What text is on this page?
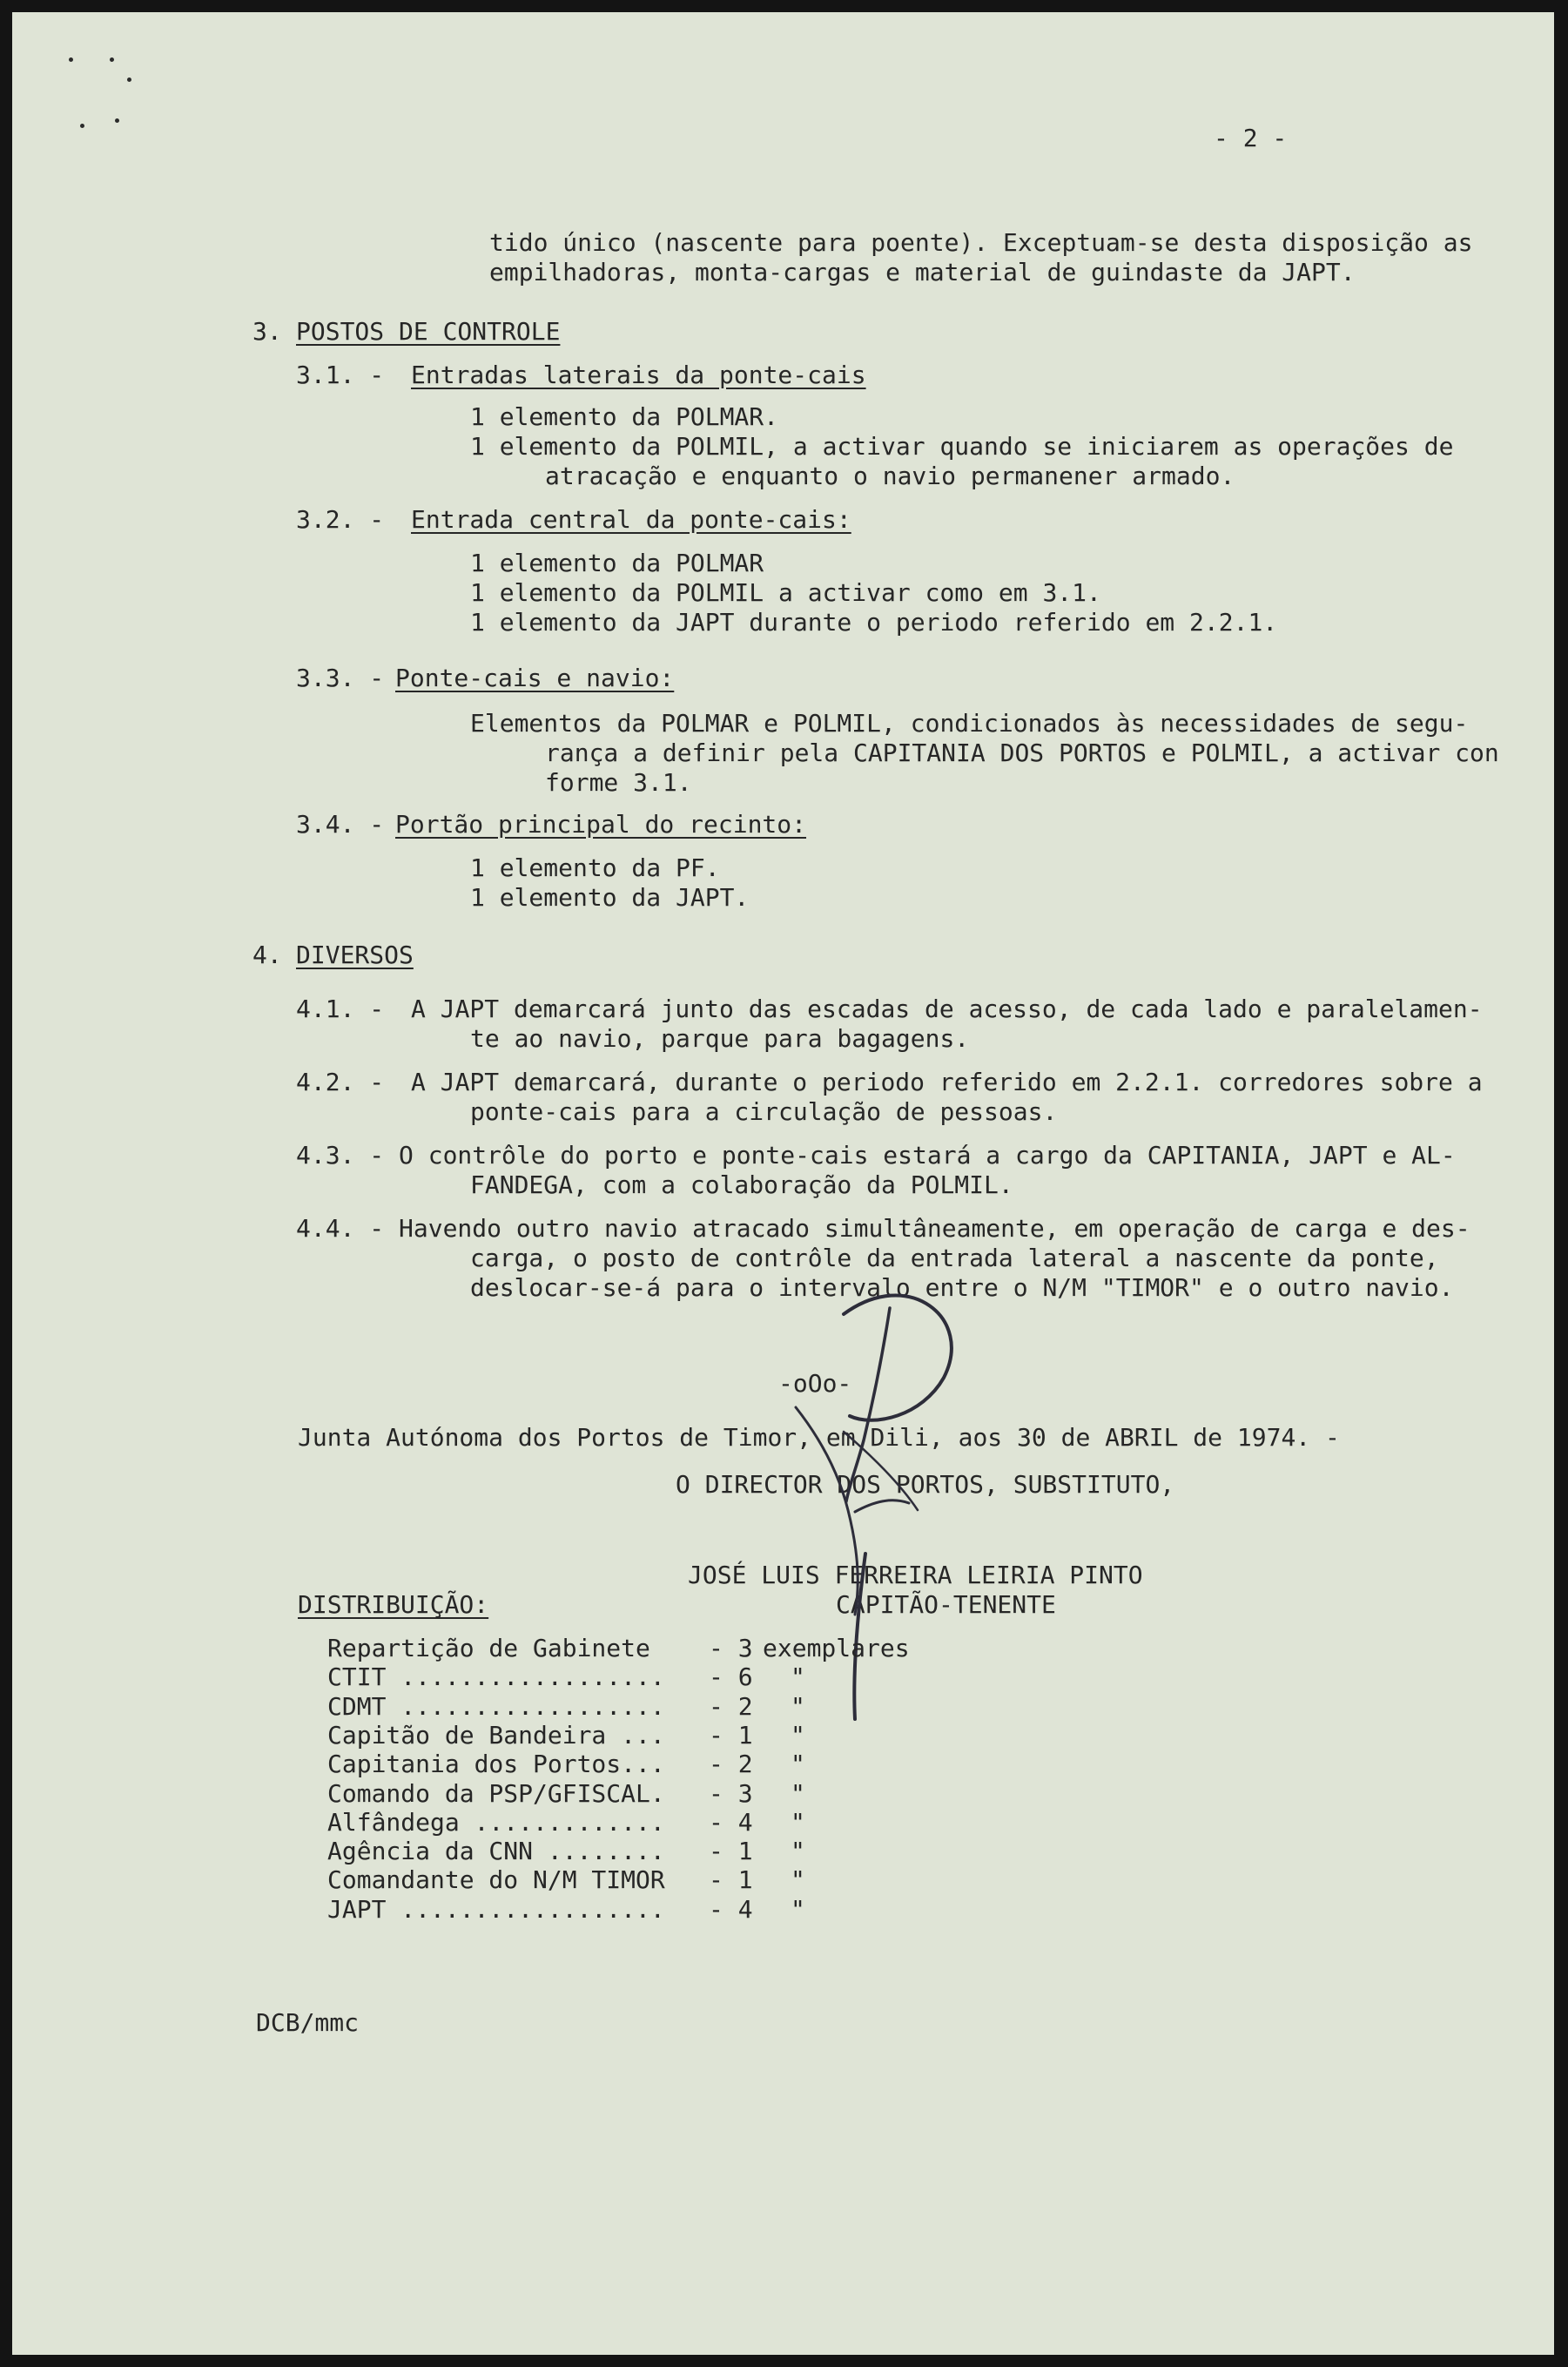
- 2 -

tido único (nascente para poente). Exceptuam-se desta disposição as

empilhadoras, monta-cargas e material de guindaste da JAPT.

3. POSTOS DE CONTROLE

3.1. - Entradas laterais da ponte-cais

1 elemento da POLMAR.

1 elemento da POLMIL, a activar quando se iniciarem as operações de

atracação e enquanto o navio permanener armado.

3.2. - Entrada central da ponte-cais:

1 elemento da POLMAR

1 elemento da POLMIL a activar como em 3.1.

1 elemento da JAPT durante o periodo referido em 2.2.1.

3.3. - Ponte-cais e navio:

Elementos da POLMAR e POLMIL, condicionados às necessidades de segu-

rança a definir pela CAPITANIA DOS PORTOS e POLMIL, a activar con

forme 3.1.

3.4. - Portão principal do recinto:

1 elemento da PF.

1 elemento da JAPT.

4. DIVERSOS

4.1. - A JAPT demarcará junto das escadas de acesso, de cada lado e paralelamen-

te ao navio, parque para bagagens.

4.2. - A JAPT demarcará, durante o periodo referido em 2.2.1. corredores sobre a

ponte-cais para a circulação de pessoas.

4.3. - O contrôle do porto e ponte-cais estará a cargo da CAPITANIA, JAPT e AL-

FANDEGA, com a colaboração da POLMIL.

4.4. - Havendo outro navio atracado simultâneamente, em operação de carga e des-

carga, o posto de contrôle da entrada lateral a nascente da ponte,

deslocar-se-á para o intervalo entre o N/M "TIMOR" e o outro navio.

-oOo-

Junta Autónoma dos Portos de Timor, em Dili, aos 30 de ABRIL de 1974. -

O DIRECTOR DOS PORTOS, SUBSTITUTO,

JOSÉ LUIS FERREIRA LEIRIA PINTO

CAPITÃO-TENENTE

DISTRIBUIÇÃO:

DCB/mmc

Repartição de Gabinete - 3 exemplares

CTIT .................. - 6 "

CDMT .................. - 2 "

Capitão de Bandeira ... - 1 "

Capitania dos Portos... - 2 "

Comando da PSP/GFISCAL. - 3 "

Alfândega ............. - 4 "

Agência da CNN ........ - 1 "

Comandante do N/M TIMOR - 1 "

JAPT .................. - 4 "
